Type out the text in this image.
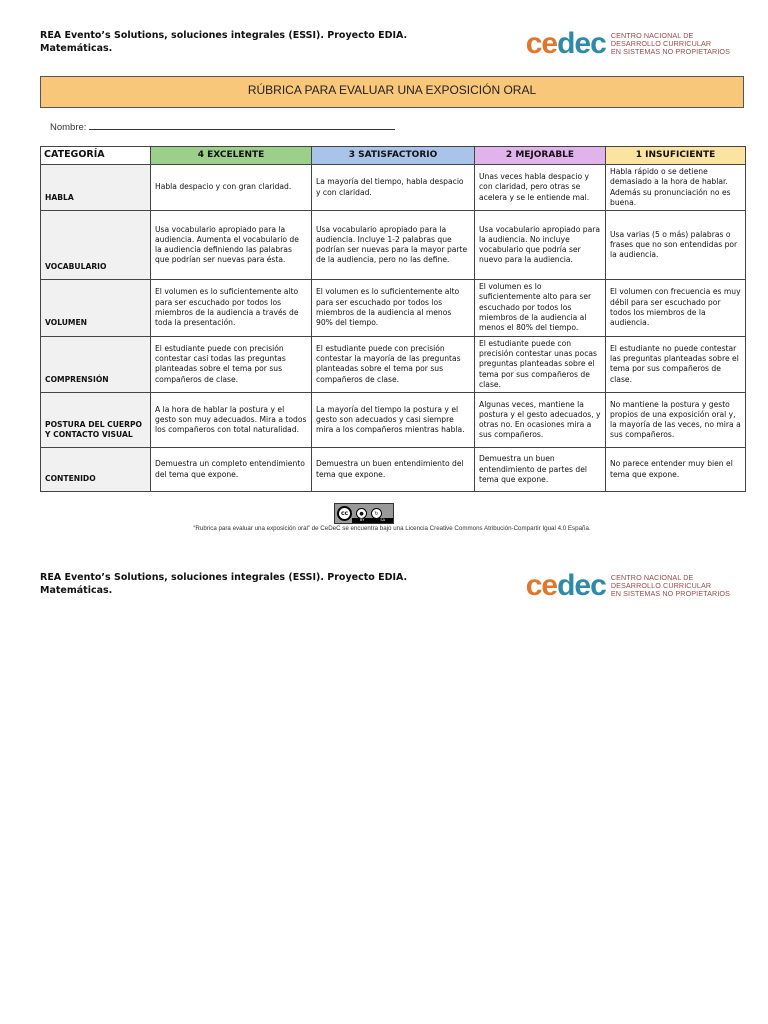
REA Evento’s Solutions, soluciones integrales (ESSI). Proyecto EDIA.
Matemáticas.	cedec CENTRO NACIONAL DE
DESARROLLO CURRICULAR
EN SISTEMAS NO PROPIETARIOS
RÚBRICA PARA EVALUAR UNA EXPOSICIÓN ORAL
Nombre:
CATEGORÍA	4 EXCELENTE	3 SATISFACTORIO	2 MEJORABLE	1 INSUFICIENTE
HABLA	Habla despacio y con gran claridad.	La mayoría del tiempo, habla despacio y con claridad.	Unas veces habla despacio y con claridad, pero otras se acelera y se le entiende mal.	Habla rápido o se detiene demasiado a la hora de hablar. Además su pronunciación no es buena.
VOCABULARIO	Usa vocabulario apropiado para la audiencia. Aumenta el vocabulario de la audiencia definiendo las palabras que podrían ser nuevas para ésta.	Usa vocabulario apropiado para la audiencia. Incluye 1-2 palabras que podrían ser nuevas para la mayor parte de la audiencia, pero no las define.	Usa vocabulario apropiado para la audiencia. No incluye vocabulario que podría ser nuevo para la audiencia.	Usa varias (5 o más) palabras o frases que no son entendidas por la audiencia.
VOLUMEN	El volumen es lo suficientemente alto para ser escuchado por todos los miembros de la audiencia a través de toda la presentación.	El volumen es lo suficientemente alto para ser escuchado por todos los miembros de la audiencia al menos 90% del tiempo.	El volumen es lo suficientemente alto para ser escuchado por todos los miembros de la audiencia al menos el 80% del tiempo.	El volumen con frecuencia es muy débil para ser escuchado por todos los miembros de la audiencia.
COMPRENSIÓN	El estudiante puede con precisión contestar casi todas las preguntas planteadas sobre el tema por sus compañeros de clase.	El estudiante puede con precisión contestar la mayoría de las preguntas planteadas sobre el tema por sus compañeros de clase.	El estudiante puede con precisión contestar unas pocas preguntas planteadas sobre el tema por sus compañeros de clase.	El estudiante no puede contestar las preguntas planteadas sobre el tema por sus compañeros de clase.
POSTURA DEL CUERPO Y CONTACTO VISUAL	A la hora de hablar la postura y el gesto son muy adecuados. Mira a todos los compañeros con total naturalidad.	La mayoría del tiempo la postura y el gesto son adecuados y casi siempre mira a los compañeros mientras habla.	Algunas veces, mantiene la postura y el gesto adecuados, y otras no. En ocasiones mira a sus compañeros.	No mantiene la postura y gesto propios de una exposición oral y, la mayoría de las veces, no mira a sus compañeros.
CONTENIDO	Demuestra un completo entendimiento del tema que expone.	Demuestra un buen entendimiento del tema que expone.	Demuestra un buen entendimiento de partes del tema que expone.	No parece entender muy bien el tema que expone.
cc	●	↻
BY	SA
“Rubrica para evaluar una exposición oral” de CeDeC se encuentra bajo una Licencia Creative Commons Atribución-Compartir Igual 4.0 España.
REA Evento’s Solutions, soluciones integrales (ESSI). Proyecto EDIA.
Matemáticas.	cedec CENTRO NACIONAL DE
DESARROLLO CURRICULAR
EN SISTEMAS NO PROPIETARIOS
